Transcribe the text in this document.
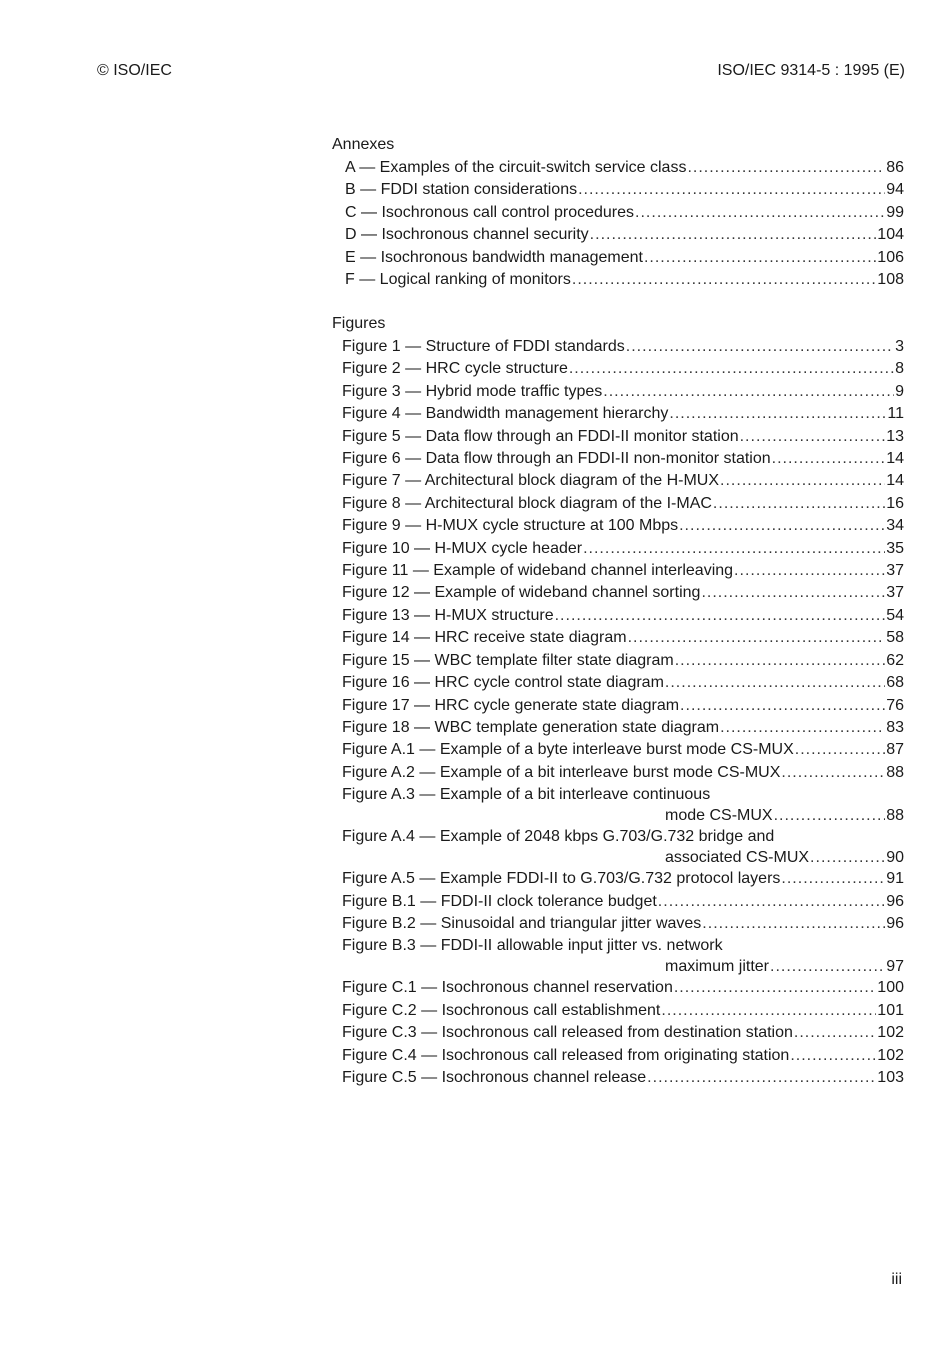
© ISO/IEC	ISO/IEC 9314-5 : 1995 (E)
Annexes
A — Examples of the circuit-switch service class .....	86
B — FDDI station considerations .....	94
C — Isochronous call control procedures .....	99
D — Isochronous channel security .....	104
E — Isochronous bandwidth management .....	106
F — Logical ranking of monitors .....	108
Figures
Figure 1 — Structure of FDDI standards .....	3
Figure 2 — HRC cycle structure .....	8
Figure 3 — Hybrid mode traffic types .....	9
Figure 4 — Bandwidth management hierarchy .....	11
Figure 5 — Data flow through an FDDI-II monitor station .....	13
Figure 6 — Data flow through an FDDI-II non-monitor station .....	14
Figure 7 — Architectural block diagram of the H-MUX .....	14
Figure 8 — Architectural block diagram of the I-MAC .....	16
Figure 9 — H-MUX cycle structure at 100 Mbps .....	34
Figure 10 — H-MUX cycle header .....	35
Figure 11 — Example of wideband channel interleaving .....	37
Figure 12 — Example of wideband channel sorting .....	37
Figure 13 — H-MUX structure .....	54
Figure 14 — HRC receive state diagram .....	58
Figure 15 — WBC template filter state diagram .....	62
Figure 16 — HRC cycle control state diagram .....	68
Figure 17 — HRC cycle generate state diagram .....	76
Figure 18 — WBC template generation state diagram .....	83
Figure A.1 — Example of a byte interleave burst mode CS-MUX .....	87
Figure A.2 — Example of a bit interleave burst mode CS-MUX .....	88
Figure A.3 — Example of a bit interleave continuous
mode CS-MUX .....	88
Figure A.4 — Example of 2048 kbps G.703/G.732 bridge and
associated CS-MUX .....	90
Figure A.5 — Example FDDI-II to G.703/G.732 protocol layers .....	91
Figure B.1 — FDDI-II clock tolerance budget .....	96
Figure B.2 — Sinusoidal and triangular jitter waves .....	96
Figure B.3 — FDDI-II allowable input jitter vs. network
maximum jitter .....	97
Figure C.1 — Isochronous channel reservation .....	100
Figure C.2 — Isochronous call establishment .....	101
Figure C.3 — Isochronous call released from destination station .....	102
Figure C.4 — Isochronous call released from originating station .....	102
Figure C.5 — Isochronous channel release .....	103
iii
